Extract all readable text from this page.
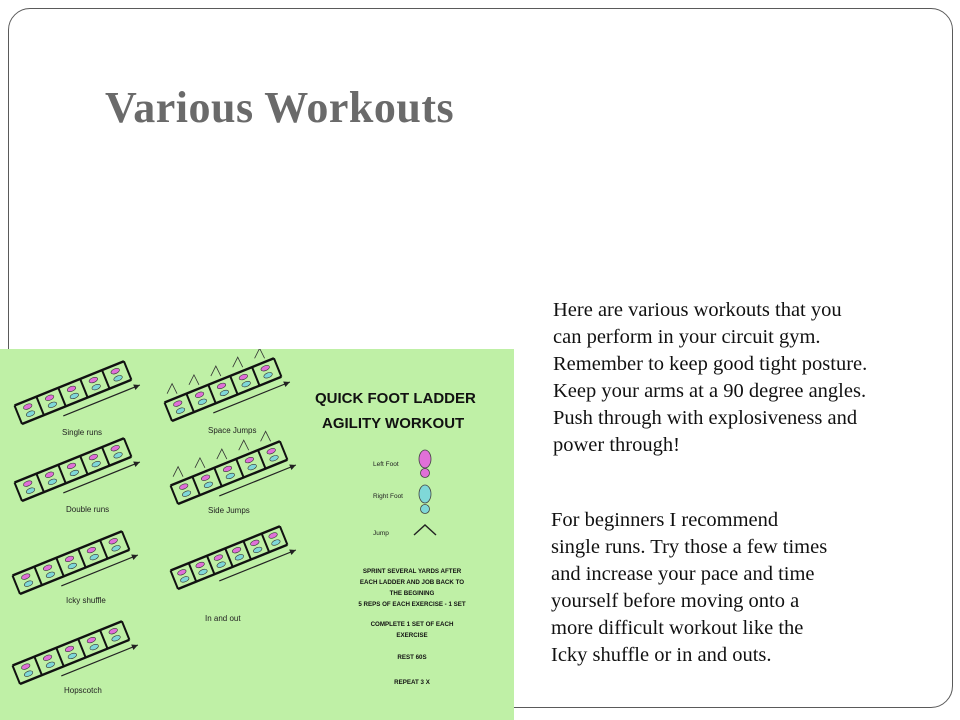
Various Workouts
Here are various workouts that you
can perform in your circuit gym.
Remember to keep good tight posture.
Keep your arms at a 90 degree angles.
Push through with explosiveness and
power through!
For beginners I recommend
single runs. Try those a few times
and increase your pace and time
yourself before moving onto a
more difficult workout like the
Icky shuffle or in and outs.
Single runs	Space Jumps
Double runs	Side Jumps
Icky shuffle
In and out
Hopscotch
QUICK FOOT LADDER
AGILITY WORKOUT
Left Foot
Right Foot
Jump
SPRINT SEVERAL YARDS AFTER
EACH LADDER AND JOB BACK TO
THE BEGINING
5 REPS OF EACH EXERCISE - 1 SET
COMPLETE 1 SET OF EACH
EXERCISE
REST 60S
REPEAT 3 X
